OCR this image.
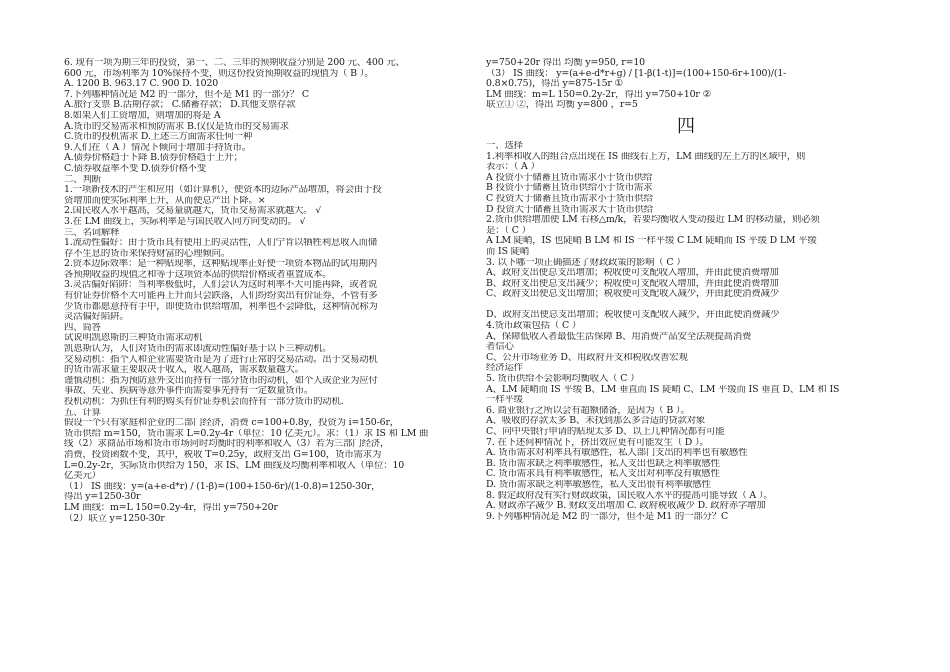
6. 现有一项为期三年的投资，第一、二、三年的预期收益分别是 200 元、400 元、
600 元，市场利率为 10%保持不变，则这份投资预期收益的现值为（ B ）。
A. 1200 B. 963.17 C. 900 D. 1020
7.下列哪种情况是 M2 的一部分，但不是 M1 的一部分？ C
A.旅行支票 B.活期存款； C.储蓄存款； D.其他支票存款
8.如果人们工资增加，则增加的将是 A
A.货币的交易需求和预防需求 B.仅仅是货币的交易需求
C.货币的投机需求 D.上述三方面需求任何一种
9.人们在（ A ）情况下倾向于增加手持货币。
A.债券价格趋于下降 B.债券价格趋于上升；
C.债券收益率不变 D.债券价格不变
二、判断
1.一项新技术的产生和应用（如计算机），使资本的边际产品增加，将会由于投
资增加而使实际利率上升，从而使总产出下降。×
2.国民收入水平越高，交易量就越大，货币交易需求就越大。 √
3.在 LM 曲线上，实际利率是与国民收入同方向变动的。 √
三、名词解释
1.流动性偏好：由于货币具有使用上的灵活性，人们宁肯以牺牲利息收入而储
存不生息的货币来保持财富的心理倾向。
2.资本边际效率：是一种贴现率，这种贴现率正好使一项资本物品的试用期内
各预期收益的现值之和等于这项资本品的供给价格或者重置成本。
3.灵活偏好陷阱：当利率极低时，人们会认为这时利率不大可能再降，或者说
有价证券价格不大可能再上升而只会跌落，人们纷纷卖出有价证券，不管有多
少货币都愿意持有手中，即使货币供给增加，利率也不会降低，这种情况称为
灵活偏好陷阱。
四、简答
试说明凯恩斯的三种货币需求动机
凯恩斯认为，人们对货币的需求即流动性偏好基于以下三种动机。
交易动机：指个人和企业需要货币是为了进行正常的交易活动。出于交易动机
的货币需求量主要取决于收入，收入越高，需求数量越大。
谨慎动机：指为预防意外支出而持有一部分货币的动机，如个人或企业为应付
事故、失业、疾病等意外事件而需要事先持有一定数量货币。
投机动机：为抓住有利的购买有价证券机会而持有一部分货币的动机.
五、计算
假设一个只有家庭和企业的二部门经济，消费 c=100+0.8y，投资为 i=150-6r，
货币供给 m=150，货币需求 L=0.2y-4r（单位：10 亿美元）。求：（1）求 IS 和 LM 曲
线（2）求商品市场和货币市场同时均衡时的利率和收入（3）若为三部门经济，
消费，投资函数不变，其中，税收 T=0.25y，政府支出 G=100，货币需求为
L=0.2y-2r，实际货币供给为 150，求 IS、LM 曲线及均衡利率和收入（单位：10
亿美元）
（1） IS 曲线：y=(a+e-d*r) / (1-β)=(100+150-6r)/(1-0.8)=1250-30r，
得出 y=1250-30r
LM 曲线：m=L 150=0.2y-4r，得出 y=750+20r
（2）联立 y=1250-30r
y=750+20r 得出 均衡 y=950, r=10
（3） IS 曲线： y=(a+e-d*r+g) / [1-β(1-t)]=(100+150-6r+100)/(1-
0.8×0.75)，得出 y=875-15r ①
LM 曲线：m=L 150=0.2y-2r，得出 y=750+10r ②
联立① ②，得出 均衡 y=800 ，r=5
四
一、选择
1.利率和收入的组合点出现在 IS 曲线右上方，LM 曲线的左上方的区域中，则
表示：（ A ）
A 投资小于储蓄且货币需求小于货币供给
B 投资小于储蓄且货币供给小于货币需求
C 投资大于储蓄且货币需求小于货币供给
D 投资大于储蓄且货币需求大于货币供给
2.货币供给增加使 LM 右移△m/k，若要均衡收入变动接近 LM 的移动量，则必须
是：（ C ）
A LM 陡峭，IS 也陡峭 B LM 和 IS 一样平缓 C LM 陡峭而 IS 平缓 D LM 平缓
而 IS 陡峭
3. 以下哪一项正确描述了财政政策的影响（ C ）
A、政府支出使总支出增加；税收使可支配收入增加，并由此使消费增加
B、政府支出使总支出减少；税收使可支配收入增加，并由此使消费增加
C、政府支出使总支出增加；税收使可支配收入减少，并由此使消费减少
D、政府支出使总支出增加；税收使可支配收入减少，并由此使消费减少
4.货币政策包括（ C ）
A、保障低收入者最低生活保障 B、用消费产品安全法规提高消费
者信心
C、公开市场业务 D、用政府开支和税收改善宏观
经济运作
5. 货币供给不会影响均衡收入（ C ）
A、LM 陡峭而 IS 平缓 B、LM 垂直而 IS 陡峭 C、LM 平缓而 IS 垂直 D、LM 和 IS
一样平缓
6. 商业银行之所以会有超额储备，是因为（ B ）。
A、吸收的存款太多 B、未找到那么多合适的贷款对象
C、向中央银行申请的贴现太多 D、以上几种情况都有可能
7. 在下述何种情况下，挤出效应更有可能发生（ D ）。
A. 货币需求对利率具有敏感性，私人部门支出的利率也有敏感性
B. 货币需求缺乏利率敏感性，私人支出也缺乏利率敏感性
C. 货币需求具有利率敏感性，私人支出对利率没有敏感性
D. 货币需求缺乏利率敏感性，私人支出很有利率敏感性
8. 假定政府没有实行财政政策，国民收入水平的提高可能导致（ A ）。
A. 财政赤字减少 B. 财政支出增加 C. 政府税收减少 D. 政府赤字增加
9.下列哪种情况是 M2 的一部分，但不是 M1 的一部分？C
